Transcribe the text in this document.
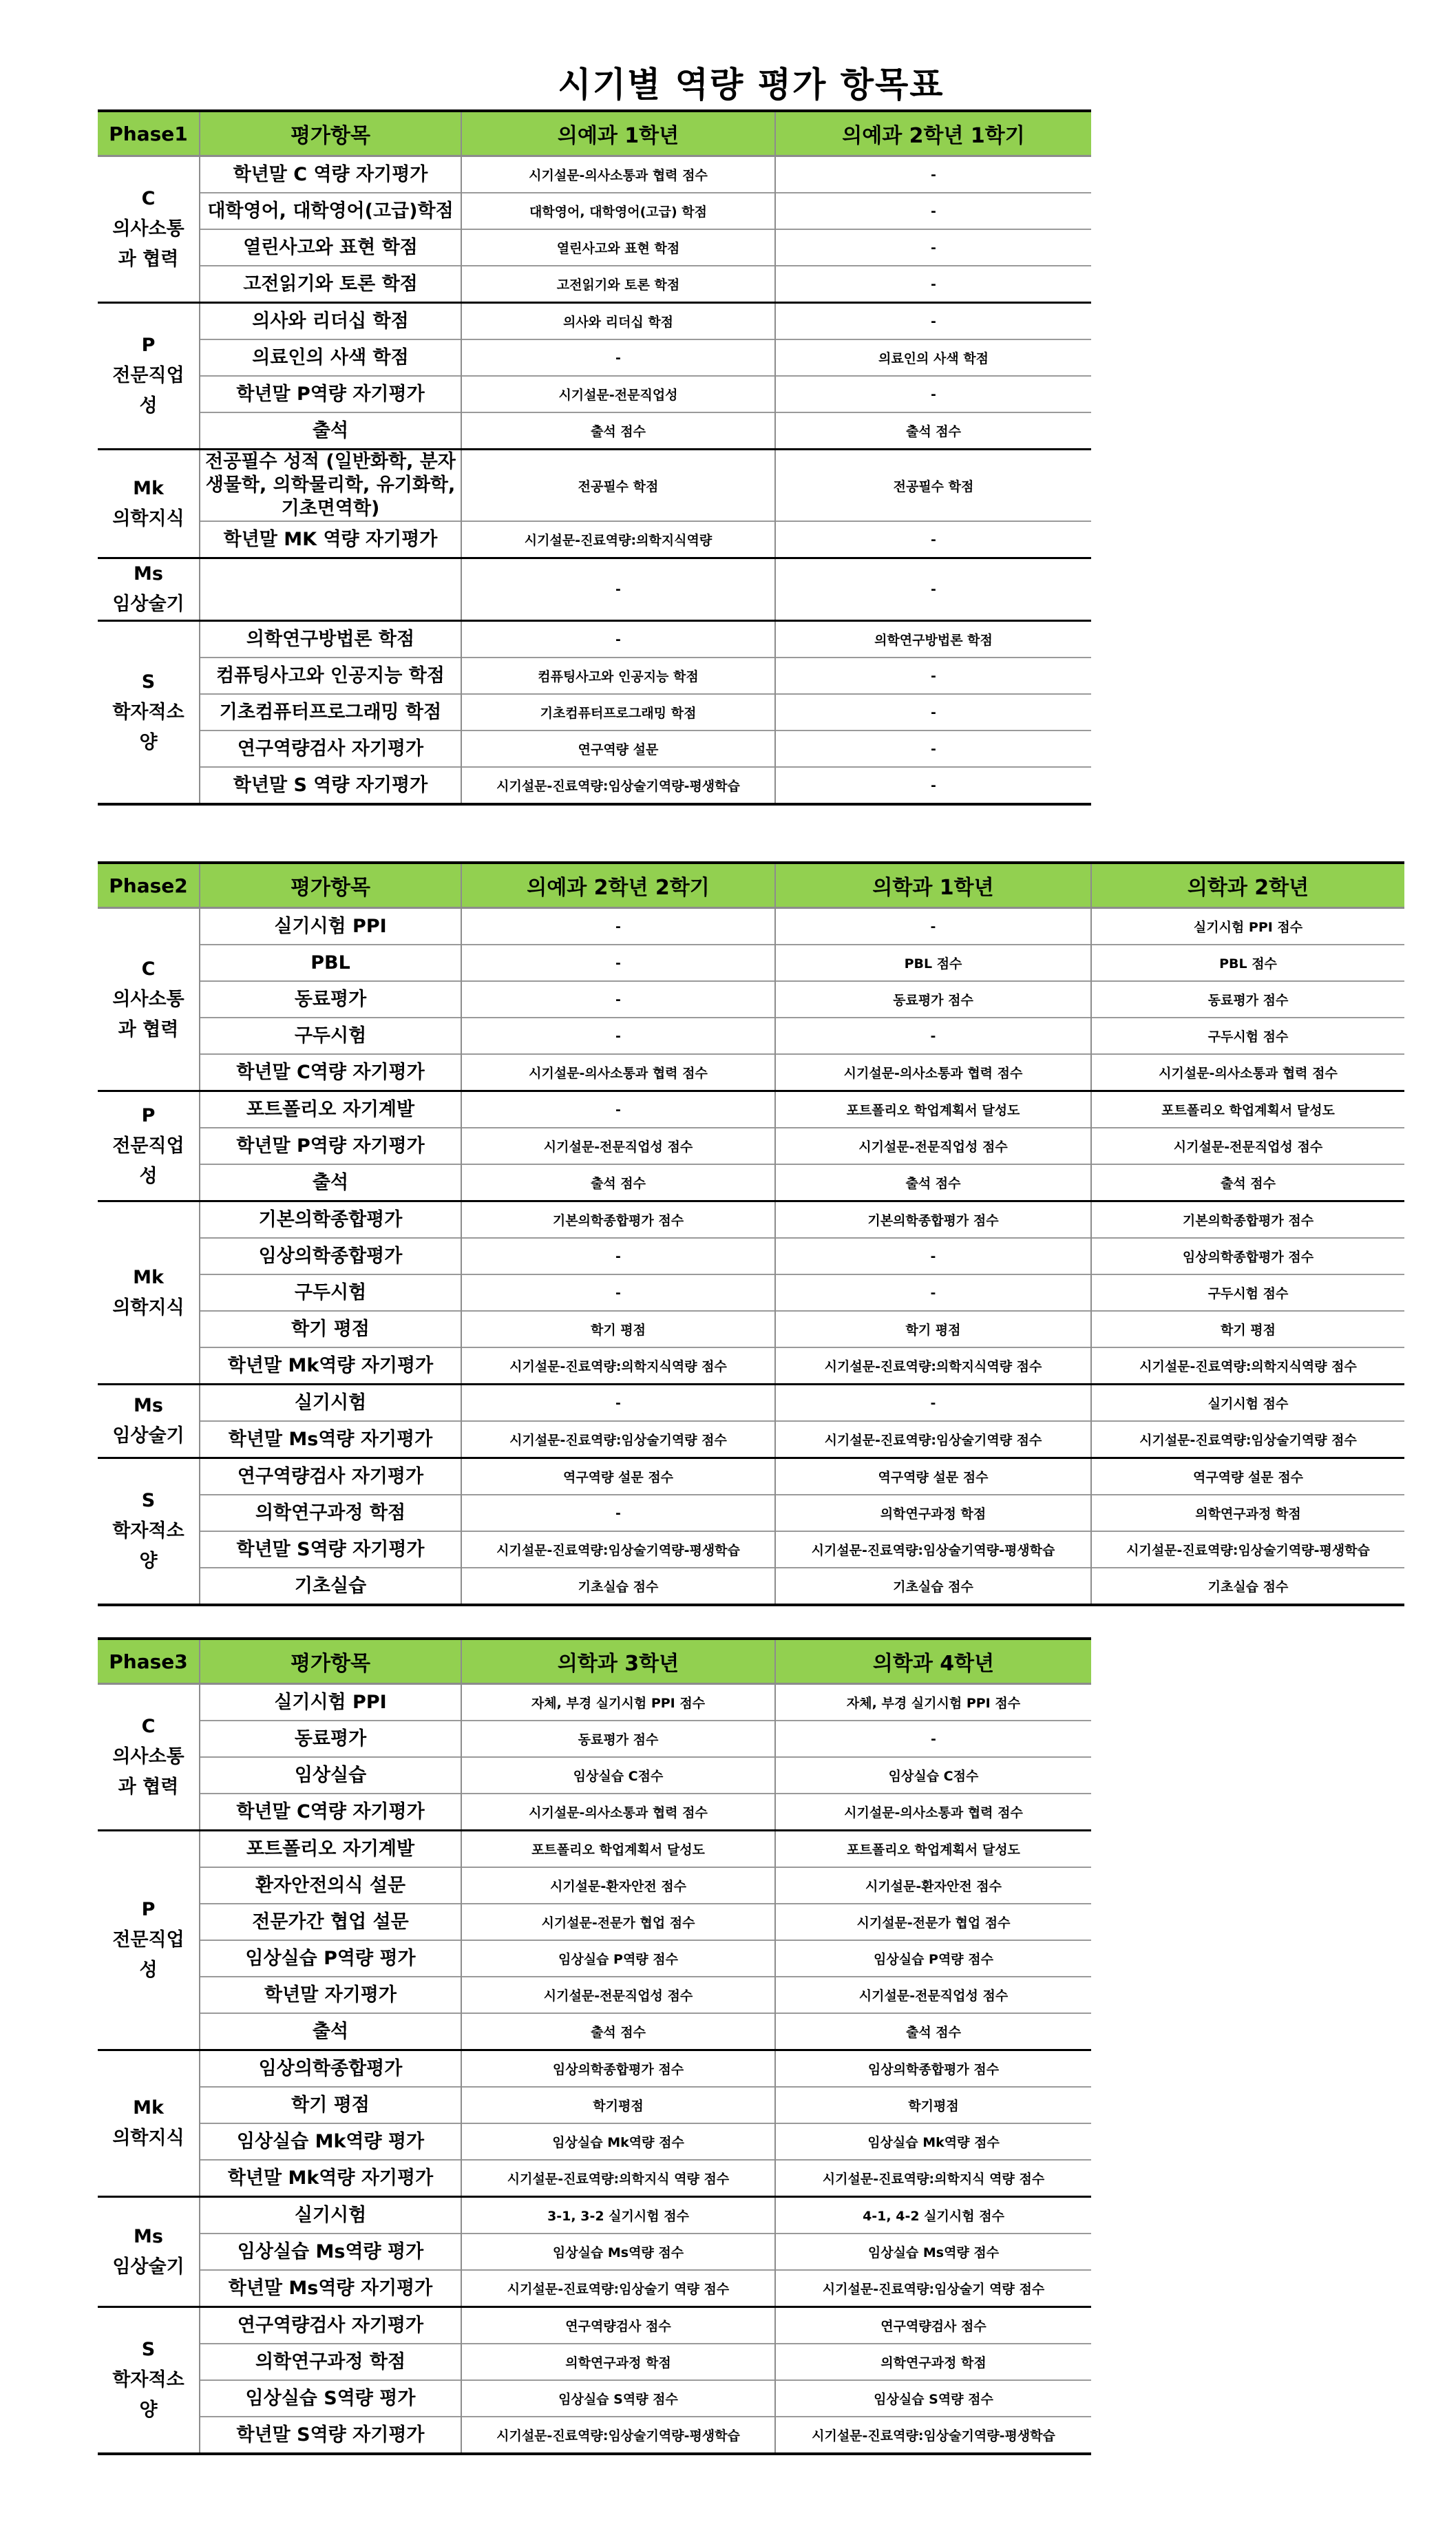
시기별 역량 평가 항목표
Phase1	평가항목	의예과 1학년	의예과 2학년 1학기

C
의사소통과 협력	학년말 C 역량 자기평가	시기설문-의사소통과 협력 점수	-
	대학영어, 대학영어(고급)학점	대학영어, 대학영어(고급) 학점	-
	열린사고와 표현 학점	열린사고와 표현 학점	-
	고전읽기와 토론 학점	고전읽기와 토론 학점	-

P
전문직업성	의사와 리더십 학점	의사와 리더십 학점	-
	의료인의 사색 학점	-	의료인의 사색 학점
	학년말 P역량 자기평가	시기설문-전문직업성	-
	출석	출석 점수	출석 점수

Mk
의학지식	전공필수 성적 (일반화학, 분자생물학, 의학물리학, 유기화학, 기초면역학)	전공필수 학점	전공필수 학점
	학년말 MK 역량 자기평가	시기설문-진료역량:의학지식역량	-

Ms
임상술기		-	-

S
학자적소양	의학연구방법론 학점	-	의학연구방법론 학점
	컴퓨팅사고와 인공지능 학점	컴퓨팅사고와 인공지능 학점	-
	기초컴퓨터프로그래밍 학점	기초컴퓨터프로그래밍 학점	-
	연구역량검사 자기평가	연구역량 설문	-
	학년말 S 역량 자기평가	시기설문-진료역량:임상술기역량-평생학습	-
Phase2	평가항목	의예과 2학년 2학기	의학과 1학년	의학과 2학년

C
의사소통과 협력	실기시험 PPI	-	-	실기시험 PPI 점수
	PBL	-	PBL 점수	PBL 점수
	동료평가	-	동료평가 점수	동료평가 점수
	구두시험	-	-	구두시험 점수
	학년말 C역량 자기평가	시기설문-의사소통과 협력 점수	시기설문-의사소통과 협력 점수	시기설문-의사소통과 협력 점수

P
전문직업성	포트폴리오 자기계발	-	포트폴리오 학업계획서 달성도	포트폴리오 학업계획서 달성도
	학년말 P역량 자기평가	시기설문-전문직업성 점수	시기설문-전문직업성 점수	시기설문-전문직업성 점수
	출석	출석 점수	출석 점수	출석 점수

Mk
의학지식	기본의학종합평가	기본의학종합평가 점수	기본의학종합평가 점수	기본의학종합평가 점수
	임상의학종합평가	-	-	임상의학종합평가 점수
	구두시험	-	-	구두시험 점수
	학기 평점	학기 평점	학기 평점	학기 평점
	학년말 Mk역량 자기평가	시기설문-진료역량:의학지식역량 점수	시기설문-진료역량:의학지식역량 점수	시기설문-진료역량:의학지식역량 점수

Ms
임상술기	실기시험	-	-	실기시험 점수
	학년말 Ms역량 자기평가	시기설문-진료역량:임상술기역량 점수	시기설문-진료역량:임상술기역량 점수	시기설문-진료역량:임상술기역량 점수

S
학자적소양	연구역량검사 자기평가	역구역량 설문 점수	역구역량 설문 점수	역구역량 설문 점수
	의학연구과정 학점	-	의학연구과정 학점	의학연구과정 학점
	학년말 S역량 자기평가	시기설문-진료역량:임상술기역량-평생학습	시기설문-진료역량:임상술기역량-평생학습	시기설문-진료역량:임상술기역량-평생학습
	기초실습	기초실습 점수	기초실습 점수	기초실습 점수
Phase3	평가항목	의학과 3학년	의학과 4학년

C
의사소통과 협력	실기시험 PPI	자체, 부경 실기시험 PPI 점수	자체, 부경 실기시험 PPI 점수
	동료평가	동료평가 점수	-
	임상실습	임상실습 C점수	임상실습 C점수
	학년말 C역량 자기평가	시기설문-의사소통과 협력 점수	시기설문-의사소통과 협력 점수

P
전문직업성	포트폴리오 자기계발	포트폴리오 학업계획서 달성도	포트폴리오 학업계획서 달성도
	환자안전의식 설문	시기설문-환자안전 점수	시기설문-환자안전 점수
	전문가간 협업 설문	시기설문-전문가 협업 점수	시기설문-전문가 협업 점수
	임상실습 P역량 평가	임상실습 P역량 점수	임상실습 P역량 점수
	학년말 자기평가	시기설문-전문직업성 점수	시기설문-전문직업성 점수
	출석	출석 점수	출석 점수

Mk
의학지식	임상의학종합평가	임상의학종합평가 점수	임상의학종합평가 점수
	학기 평점	학기평점	학기평점
	임상실습 Mk역량 평가	임상실습 Mk역량 점수	임상실습 Mk역량 점수
	학년말 Mk역량 자기평가	시기설문-진료역량:의학지식 역량 점수	시기설문-진료역량:의학지식 역량 점수

Ms
임상술기	실기시험	3-1, 3-2 실기시험 점수	4-1, 4-2 실기시험 점수
	임상실습 Ms역량 평가	임상실습 Ms역량 점수	임상실습 Ms역량 점수
	학년말 Ms역량 자기평가	시기설문-진료역량:임상술기 역량 점수	시기설문-진료역량:임상술기 역량 점수

S
학자적소양	연구역량검사 자기평가	연구역량검사 점수	연구역량검사 점수
	의학연구과정 학점	의학연구과정 학점	의학연구과정 학점
	임상실습 S역량 평가	임상실습 S역량 점수	임상실습 S역량 점수
	학년말 S역량 자기평가	시기설문-진료역량:임상술기역량-평생학습	시기설문-진료역량:임상술기역량-평생학습
